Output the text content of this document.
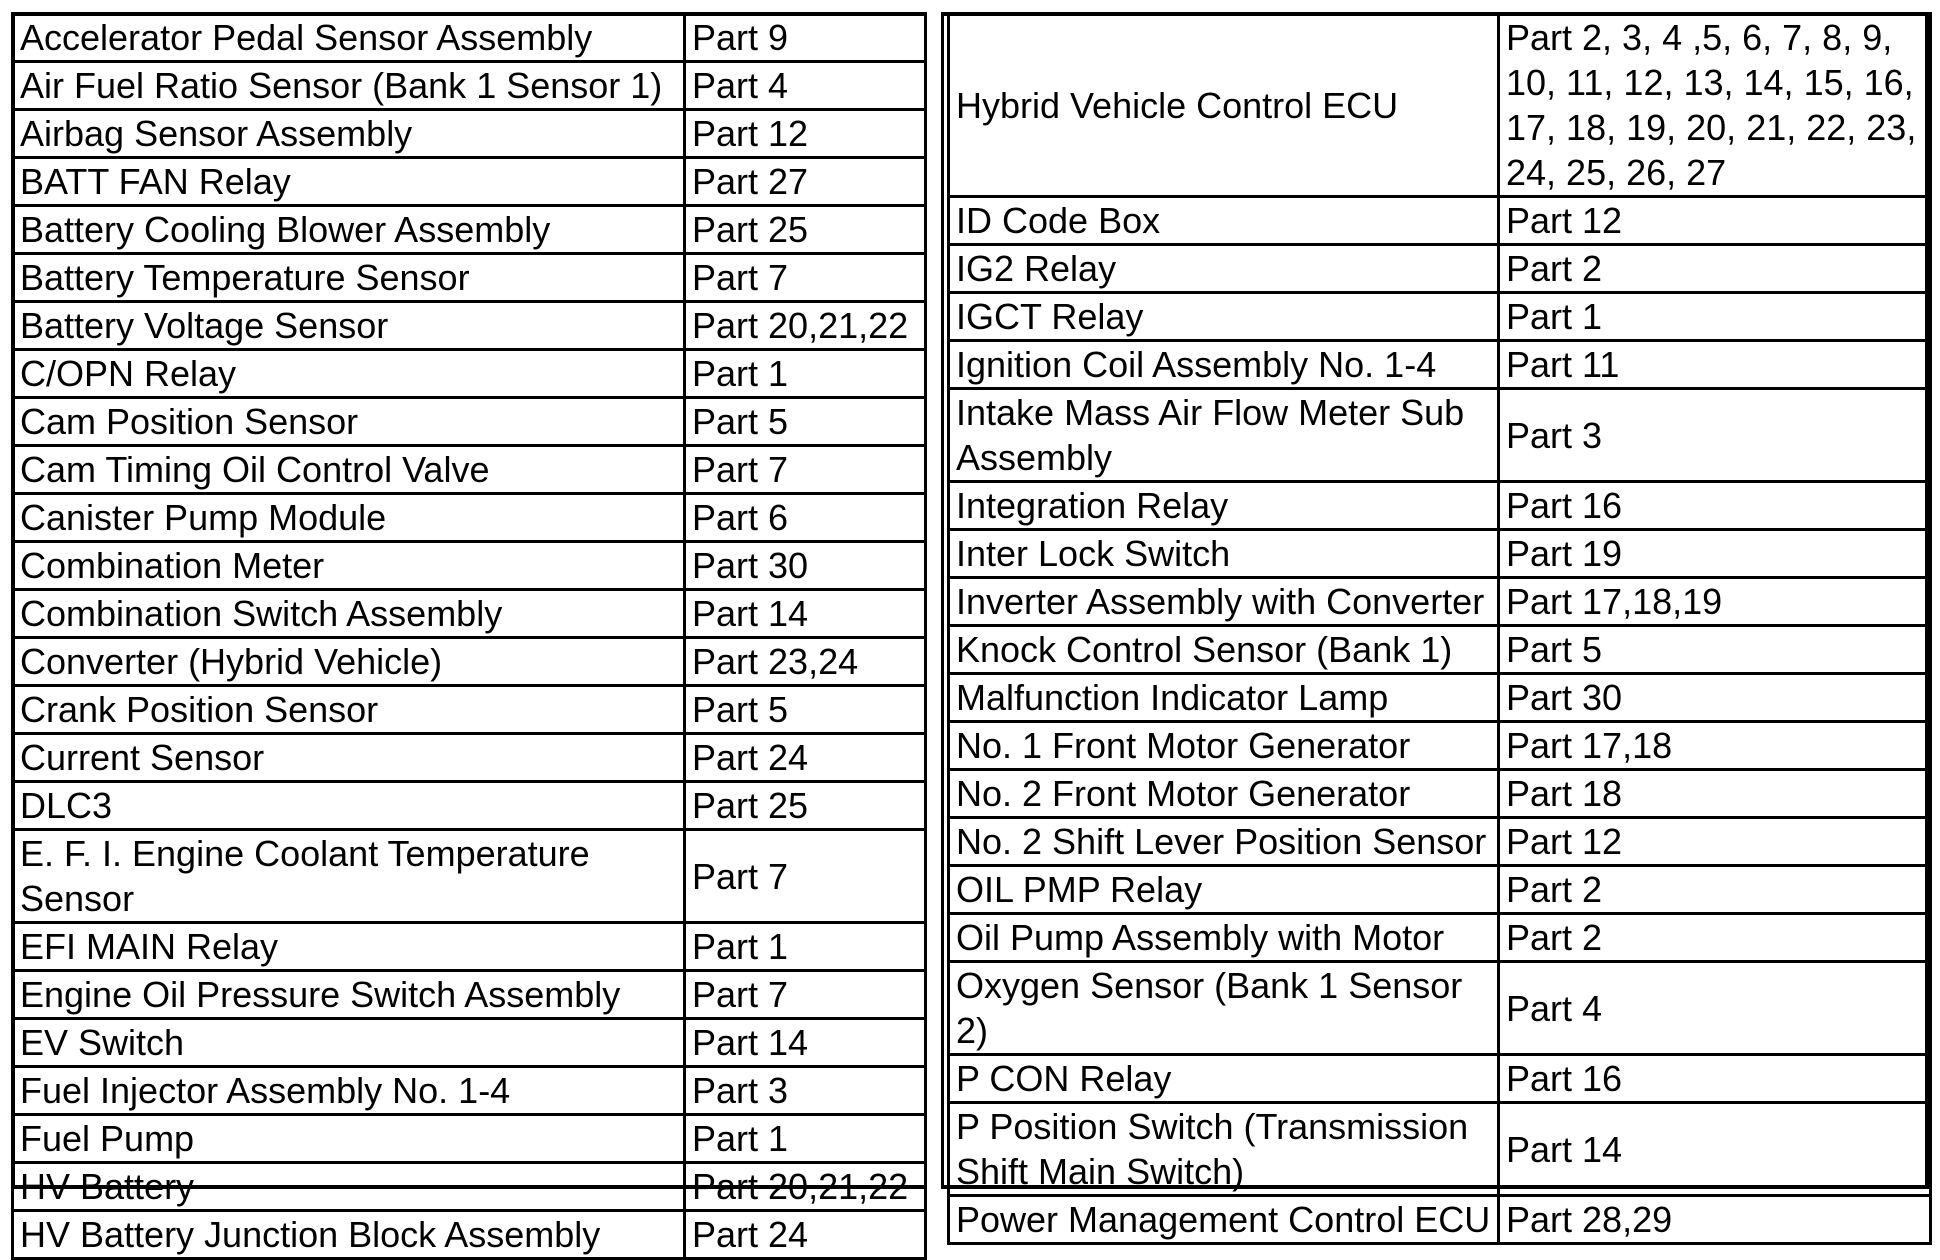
Accelerator Pedal Sensor Assembly	Part 9
Air Fuel Ratio Sensor (Bank 1 Sensor 1)	Part 4
Airbag Sensor Assembly	Part 12
BATT FAN Relay	Part 27
Battery Cooling Blower Assembly	Part 25
Battery Temperature Sensor	Part 7
Battery Voltage Sensor	Part 20,21,22
C/OPN Relay	Part 1
Cam Position Sensor	Part 5
Cam Timing Oil Control Valve	Part 7
Canister Pump Module	Part 6
Combination Meter	Part 30
Combination Switch Assembly	Part 14
Converter (Hybrid Vehicle)	Part 23,24
Crank Position Sensor	Part 5
Current Sensor	Part 24
DLC3	Part 25
E. F. I. Engine Coolant Temperature Sensor	Part 7
EFI MAIN Relay	Part 1
Engine Oil Pressure Switch Assembly	Part 7
EV Switch	Part 14
Fuel Injector Assembly No. 1-4	Part 3
Fuel Pump	Part 1
HV Battery	Part 20,21,22
HV Battery Junction Block Assembly	Part 24
Hybrid Vehicle Control ECU	Part 2, 3, 4 ,5, 6, 7, 8, 9, 10, 11, 12, 13, 14, 15, 16, 17, 18, 19, 20, 21, 22, 23, 24, 25, 26, 27
ID Code Box	Part 12
IG2 Relay	Part 2
IGCT Relay	Part 1
Ignition Coil Assembly No. 1-4	Part 11
Intake Mass Air Flow Meter Sub Assembly	Part 3
Integration Relay	Part 16
Inter Lock Switch	Part 19
Inverter Assembly with Converter	Part 17,18,19
Knock Control Sensor (Bank 1)	Part 5
Malfunction Indicator Lamp	Part 30
No. 1 Front Motor Generator	Part 17,18
No. 2 Front Motor Generator	Part 18
No. 2 Shift Lever Position Sensor	Part 12
OIL PMP Relay	Part 2
Oil Pump Assembly with Motor	Part 2
Oxygen Sensor (Bank 1 Sensor 2)	Part 4
P CON Relay	Part 16
P Position Switch (Transmission Shift Main Switch)	Part 14
Power Management Control ECU	Part 28,29
